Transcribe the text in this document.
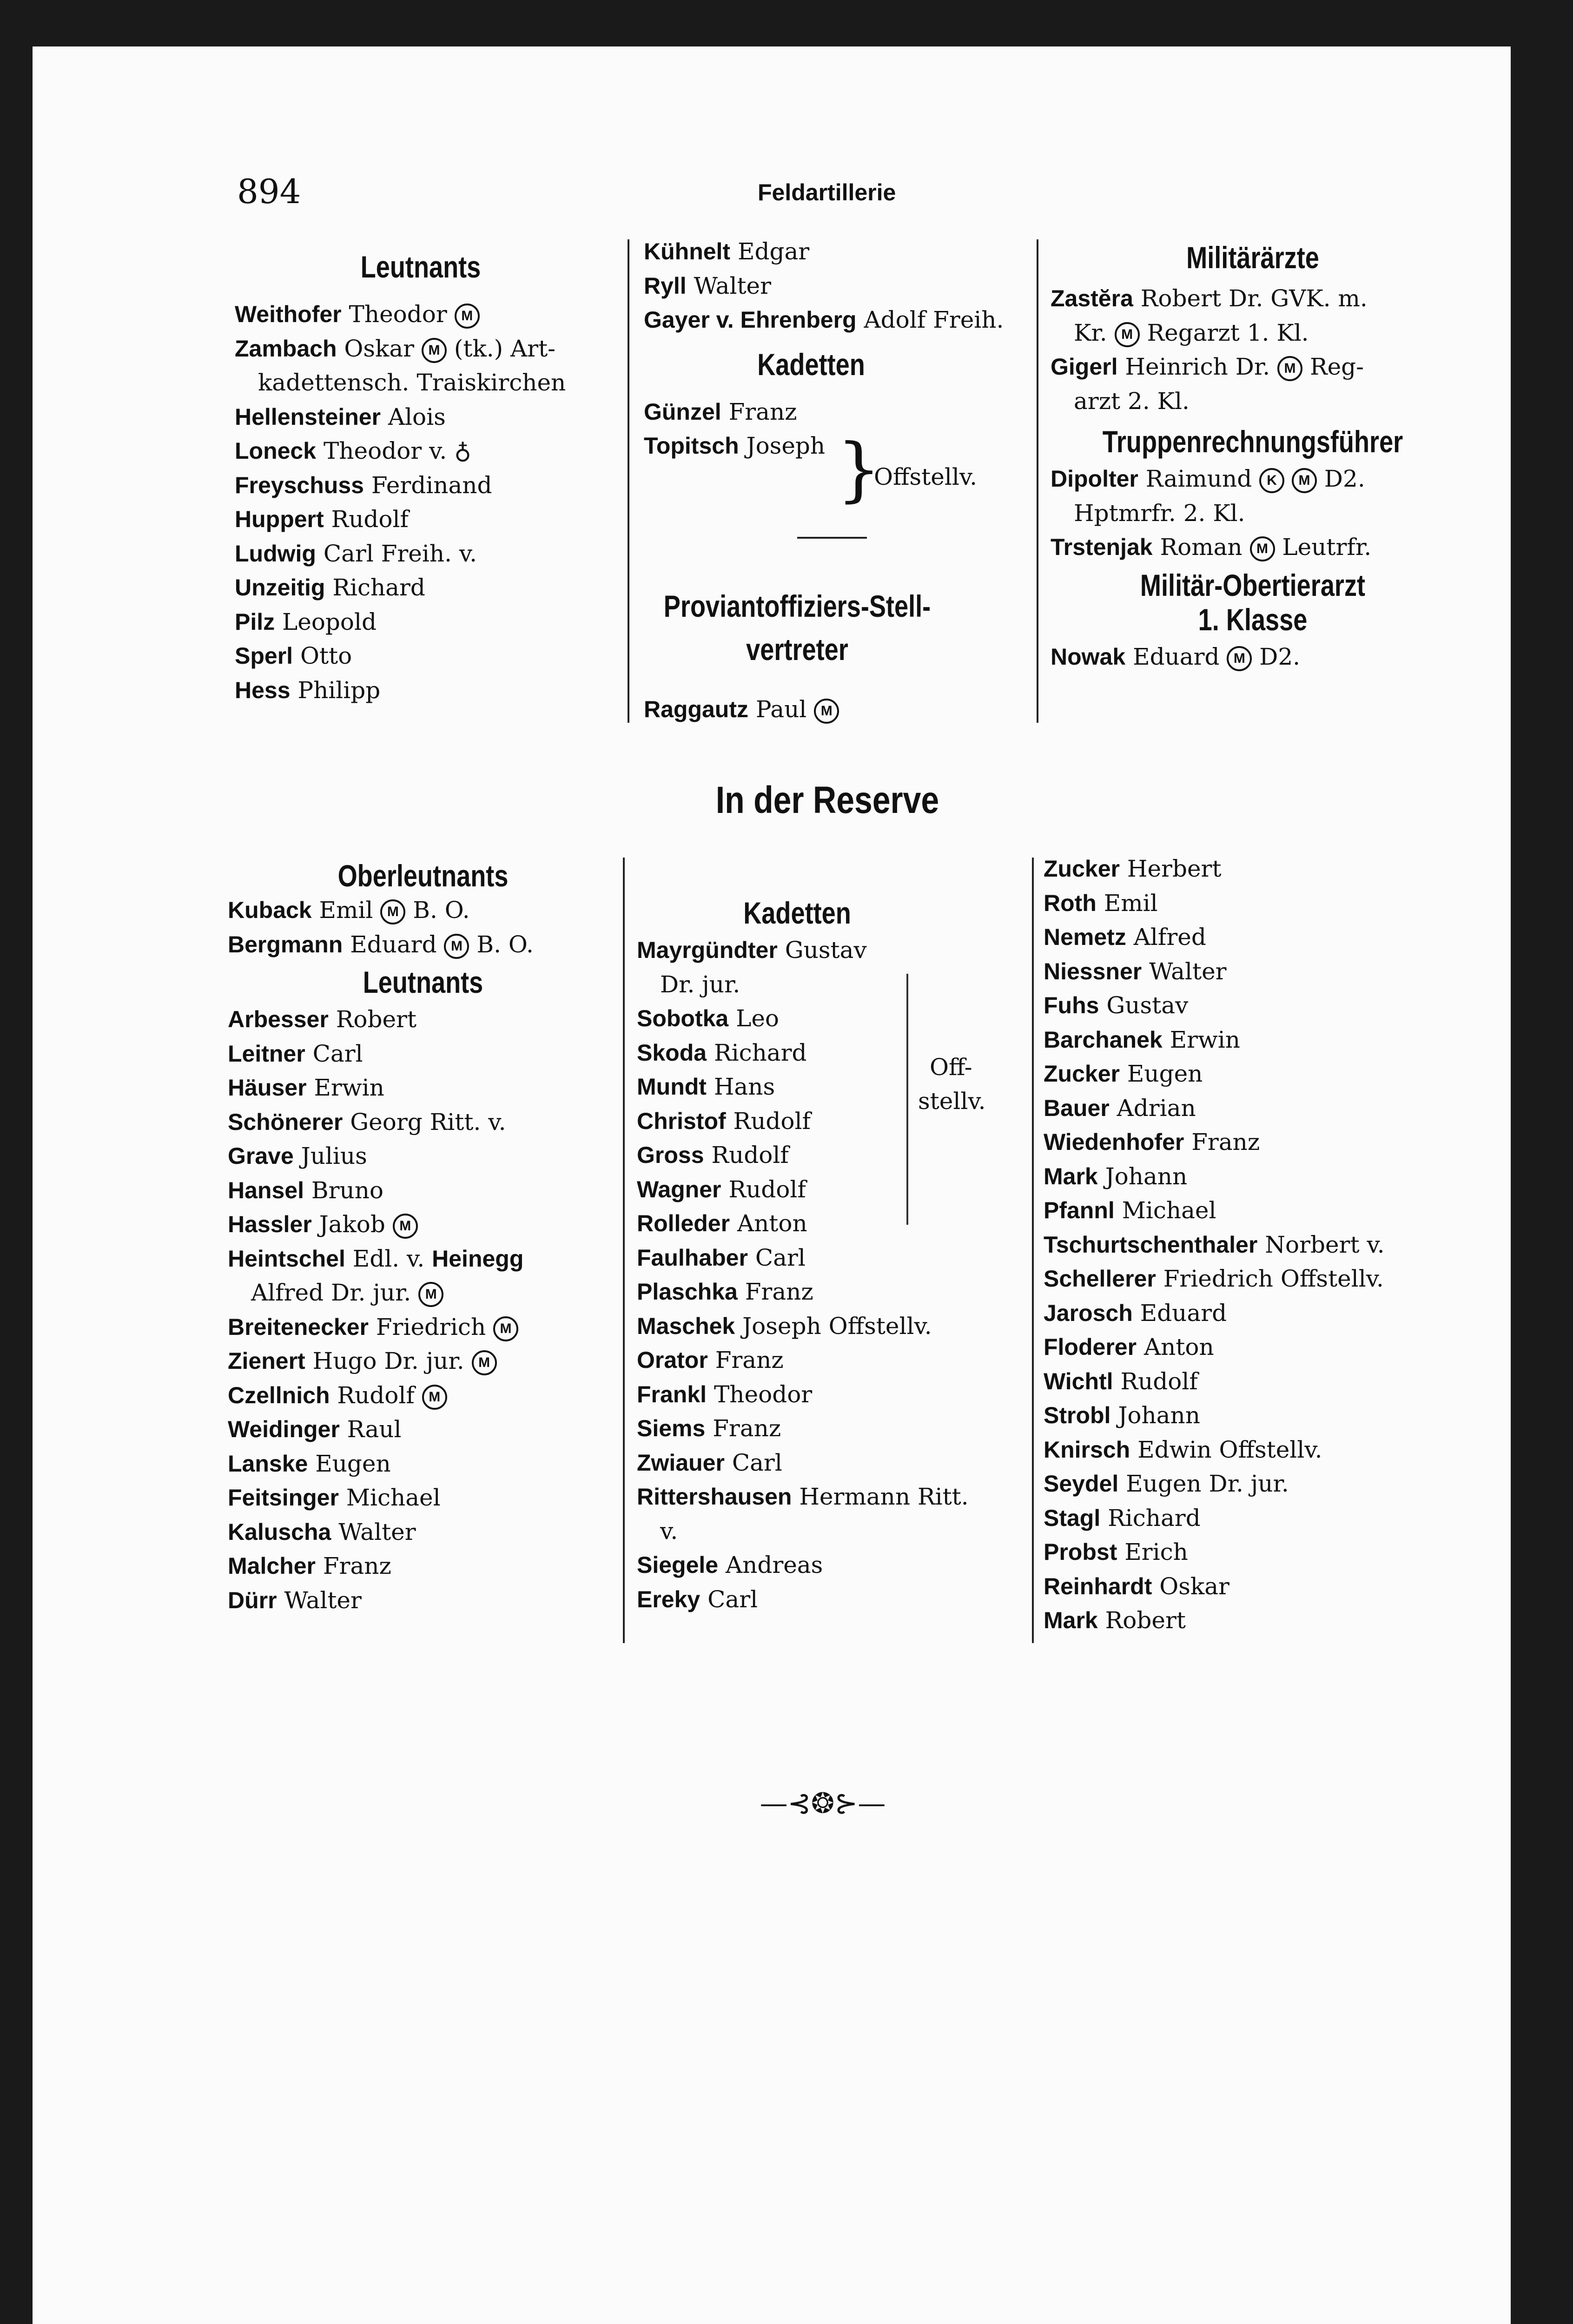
894	Feldartillerie
Leutnants
Weithofer Theodor M
Zambach Oskar M (tk.) Art-
kadettensch. Traiskirchen
Hellensteiner Alois
Loneck Theodor v. ♁
Freyschuss Ferdinand
Huppert Rudolf
Ludwig Carl Freih. v.
Unzeitig Richard
Pilz Leopold
Sperl Otto
Hess Philipp
Kühnelt Edgar
Ryll Walter
Gayer v. Ehrenberg Adolf Freih.
Kadetten
Günzel Franz
Topitsch Joseph
Proviantoffiziers-Stell-
vertreter
Raggautz Paul M
}
Offstellv.
Militärärzte
Zastĕra Robert Dr. GVK. m.
Kr. M Regarzt 1. Kl.
Gigerl Heinrich Dr. M Reg-
arzt 2. Kl.
Truppenrechnungsführer
Dipolter Raimund K M D2.
Hptmrfr. 2. Kl.
Trstenjak Roman M Leutrfr.
Militär-Obertierarzt
1. Klasse
Nowak Eduard M D2.
In der Reserve
Oberleutnants
Kuback Emil M B. O.
Bergmann Eduard M B. O.
Leutnants
Arbesser Robert
Leitner Carl
Häuser Erwin
Schönerer Georg Ritt. v.
Grave Julius
Hansel Bruno
Hassler Jakob M
Heintschel Edl. v. Heinegg
Alfred Dr. jur. M
Breitenecker Friedrich M
Zienert Hugo Dr. jur. M
Czellnich Rudolf M
Weidinger Raul
Lanske Eugen
Feitsinger Michael
Kaluscha Walter
Malcher Franz
Dürr Walter
Kadetten
Mayrgündter Gustav
Dr. jur.
Sobotka Leo
Skoda Richard
Mundt Hans
Christof Rudolf
Gross Rudolf
Wagner Rudolf
Rolleder Anton
Faulhaber Carl
Plaschka Franz
Maschek Joseph Offstellv.
Orator Franz
Frankl Theodor
Siems Franz
Zwiauer Carl
Rittershausen Hermann Ritt.
v.
Siegele Andreas
Ereky Carl
Off-
stellv.
Zucker Herbert
Roth Emil
Nemetz Alfred
Niessner Walter
Fuhs Gustav
Barchanek Erwin
Zucker Eugen
Bauer Adrian
Wiedenhofer Franz
Mark Johann
Pfannl Michael
Tschurtschenthaler Norbert v.
Schellerer Friedrich Offstellv.
Jarosch Eduard
Floderer Anton
Wichtl Rudolf
Strobl Johann
Knirsch Edwin Offstellv.
Seydel Eugen Dr. jur.
Stagl Richard
Probst Erich
Reinhardt Oskar
Mark Robert
—⊰❂⊱—
